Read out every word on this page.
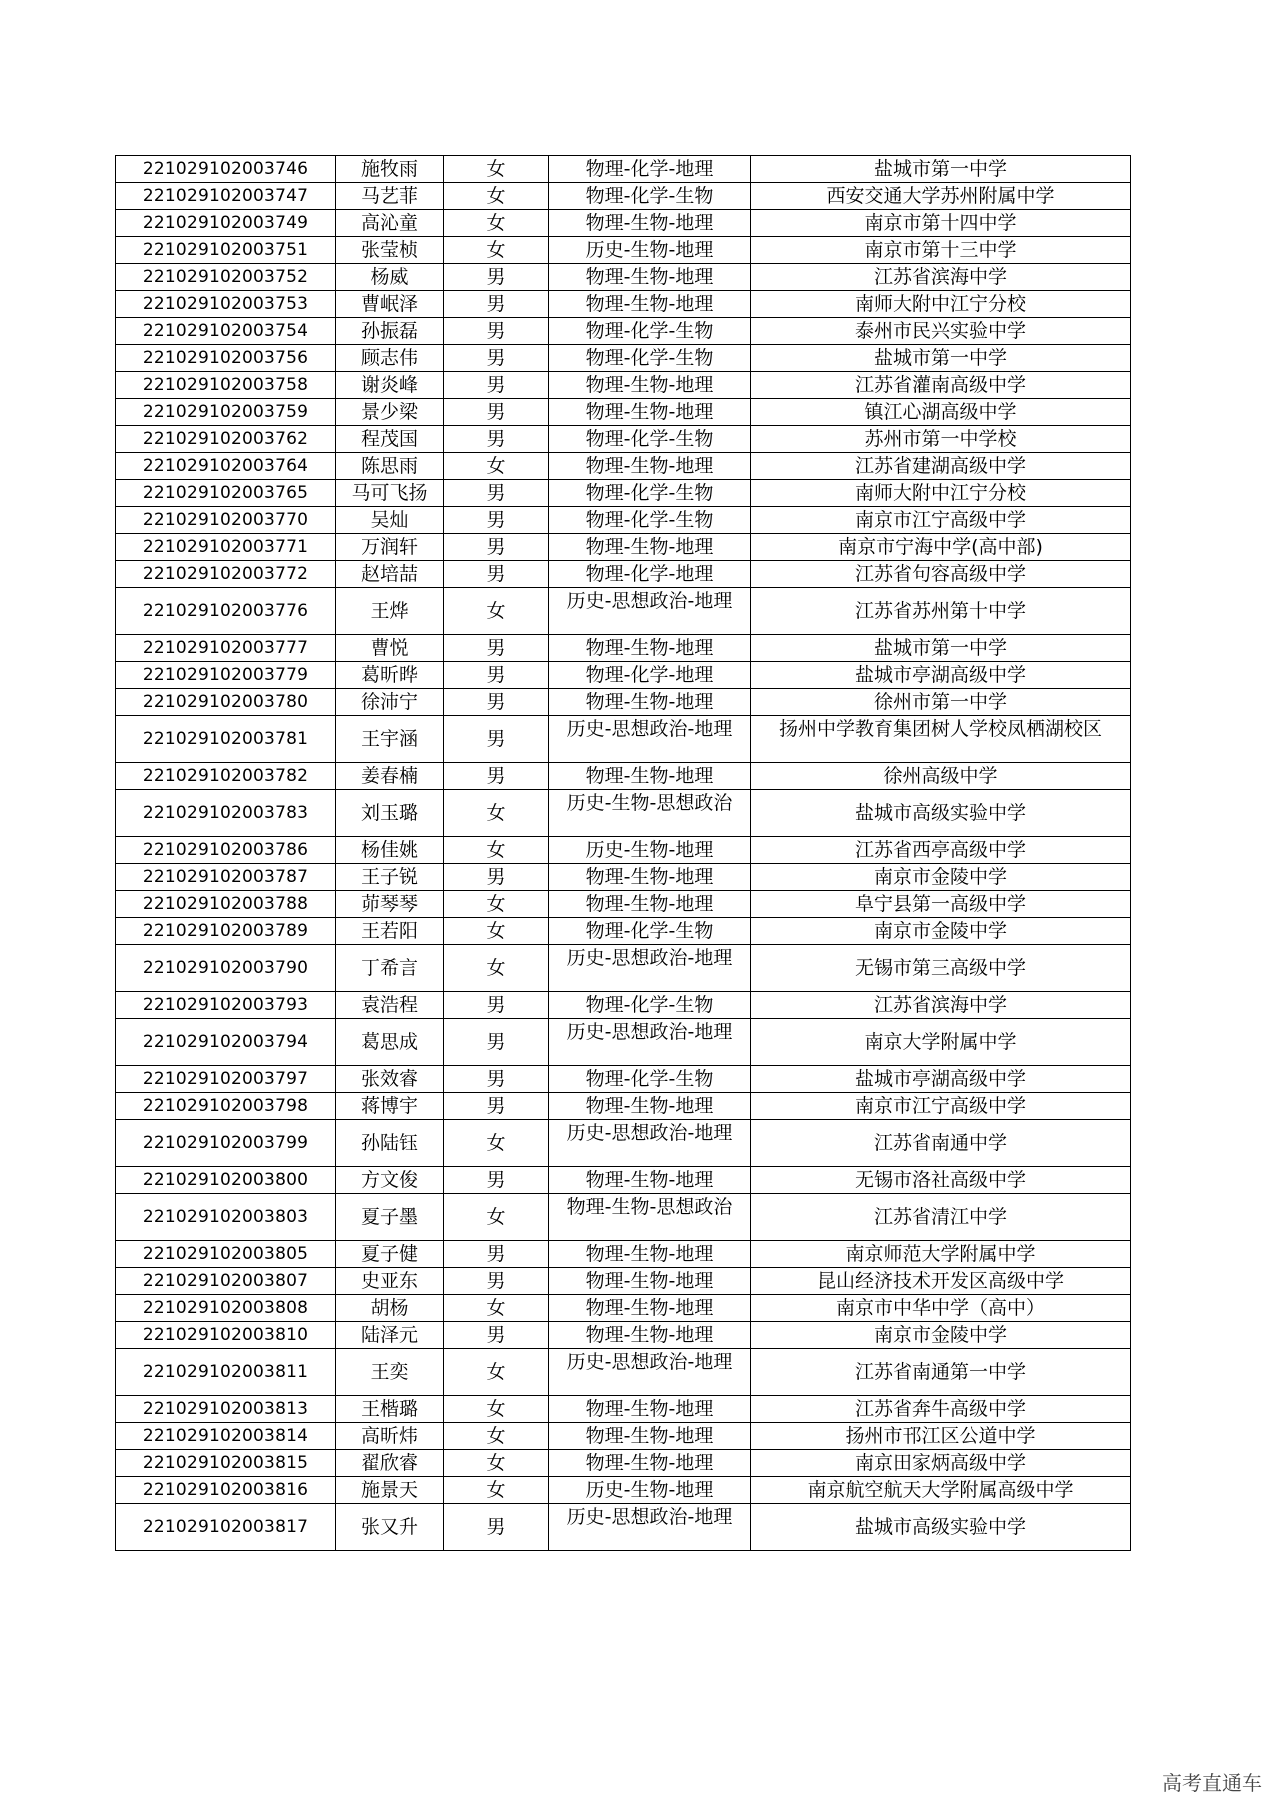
221029102003746	施牧雨	女	物理-化学-地理	盐城市第一中学
221029102003747	马艺菲	女	物理-化学-生物	西安交通大学苏州附属中学
221029102003749	高沁童	女	物理-生物-地理	南京市第十四中学
221029102003751	张莹桢	女	历史-生物-地理	南京市第十三中学
221029102003752	杨威	男	物理-生物-地理	江苏省滨海中学
221029102003753	曹岷泽	男	物理-生物-地理	南师大附中江宁分校
221029102003754	孙振磊	男	物理-化学-生物	泰州市民兴实验中学
221029102003756	顾志伟	男	物理-化学-生物	盐城市第一中学
221029102003758	谢炎峰	男	物理-生物-地理	江苏省灌南高级中学
221029102003759	景少梁	男	物理-生物-地理	镇江心湖高级中学
221029102003762	程茂国	男	物理-化学-生物	苏州市第一中学校
221029102003764	陈思雨	女	物理-生物-地理	江苏省建湖高级中学
221029102003765	马可飞扬	男	物理-化学-生物	南师大附中江宁分校
221029102003770	吴灿	男	物理-化学-生物	南京市江宁高级中学
221029102003771	万润轩	男	物理-生物-地理	南京市宁海中学(高中部)
221029102003772	赵培喆	男	物理-化学-地理	江苏省句容高级中学
221029102003776	王烨	女	历史-思想政治-地理	江苏省苏州第十中学
221029102003777	曹悦	男	物理-生物-地理	盐城市第一中学
221029102003779	葛昕晔	男	物理-化学-地理	盐城市亭湖高级中学
221029102003780	徐沛宁	男	物理-生物-地理	徐州市第一中学
221029102003781	王宇涵	男	历史-思想政治-地理	扬州中学教育集团树人学校凤栖湖校区

221029102003782	姜春楠	男	物理-生物-地理	徐州高级中学
221029102003783	刘玉璐	女	历史-生物-思想政治	盐城市高级实验中学
221029102003786	杨佳姚	女	历史-生物-地理	江苏省西亭高级中学
221029102003787	王子锐	男	物理-生物-地理	南京市金陵中学
221029102003788	茆琴琴	女	物理-生物-地理	阜宁县第一高级中学
221029102003789	王若阳	女	物理-化学-生物	南京市金陵中学
221029102003790	丁希言	女	历史-思想政治-地理	无锡市第三高级中学
221029102003793	袁浩程	男	物理-化学-生物	江苏省滨海中学
221029102003794	葛思成	男	历史-思想政治-地理	南京大学附属中学
221029102003797	张效睿	男	物理-化学-生物	盐城市亭湖高级中学
221029102003798	蒋博宇	男	物理-生物-地理	南京市江宁高级中学
221029102003799	孙陆钰	女	历史-思想政治-地理	江苏省南通中学
221029102003800	方文俊	男	物理-生物-地理	无锡市洛社高级中学
221029102003803	夏子墨	女	物理-生物-思想政治	江苏省清江中学
221029102003805	夏子健	男	物理-生物-地理	南京师范大学附属中学
221029102003807	史亚东	男	物理-生物-地理	昆山经济技术开发区高级中学
221029102003808	胡杨	女	物理-生物-地理	南京市中华中学（高中）
221029102003810	陆泽元	男	物理-生物-地理	南京市金陵中学
221029102003811	王奕	女	历史-思想政治-地理	江苏省南通第一中学
221029102003813	王楷璐	女	物理-生物-地理	江苏省奔牛高级中学
221029102003814	高昕炜	女	物理-生物-地理	扬州市邗江区公道中学
221029102003815	翟欣睿	女	物理-生物-地理	南京田家炳高级中学
221029102003816	施景天	女	历史-生物-地理	南京航空航天大学附属高级中学
221029102003817	张又升	男	历史-思想政治-地理	盐城市高级实验中学
高考直通车
